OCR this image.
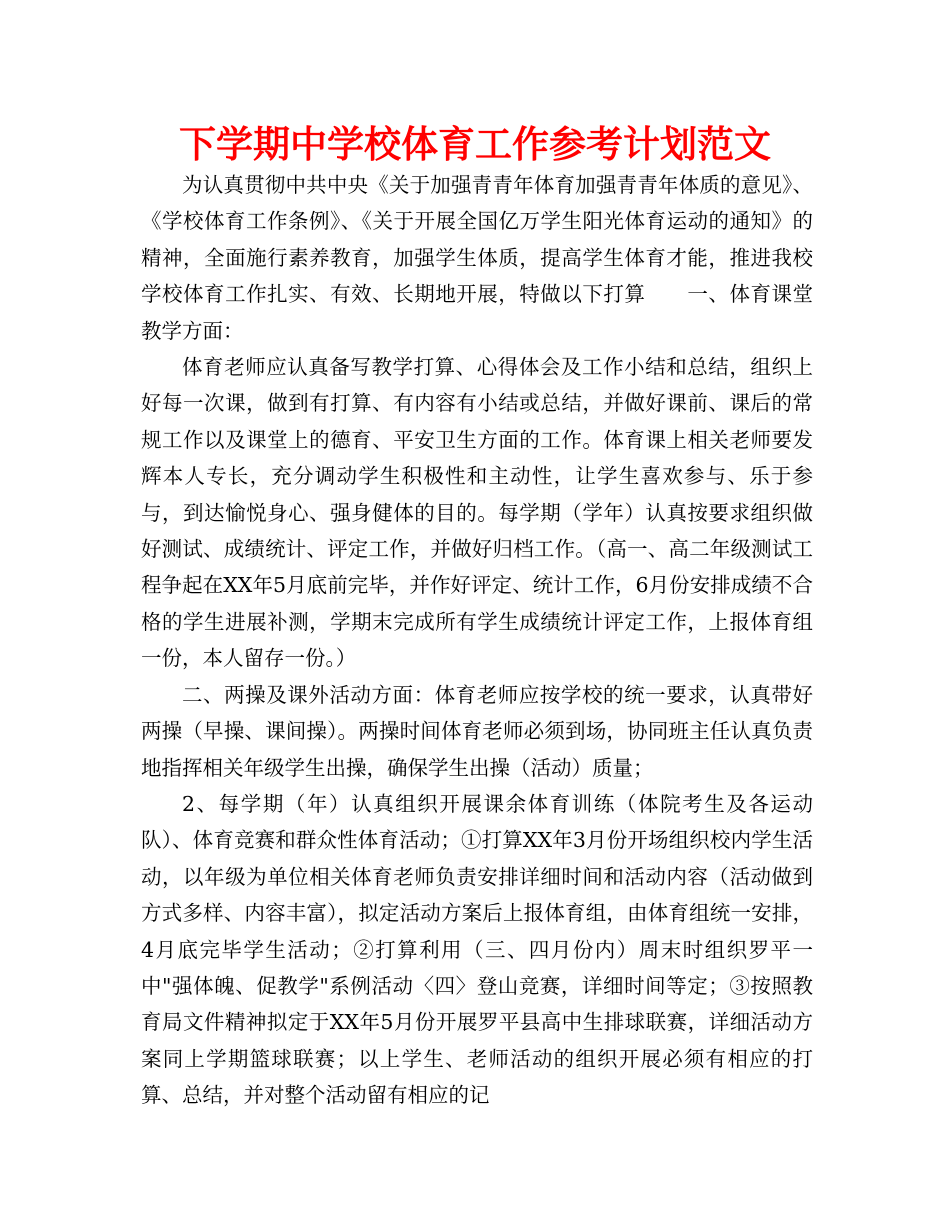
下学期中学校体育工作参考计划范文

为认真贯彻中共中央《关于加强青青年体育加强青青年体质的意见》、《学校体育工作条例》、《关于开展全国亿万学生阳光体育运动的通知》的精神，全面施行素养教育，加强学生体质，提高学生体育才能，推进我校学校体育工作扎实、有效、长期地开展，特做以下打算　　一、体育课堂教学方面：

体育老师应认真备写教学打算、心得体会及工作小结和总结，组织上好每一次课，做到有打算、有内容有小结或总结，并做好课前、课后的常规工作以及课堂上的德育、平安卫生方面的工作。体育课上相关老师要发辉本人专长，充分调动学生积极性和主动性，让学生喜欢参与、乐于参与，到达愉悦身心、强身健体的目的。每学期（学年）认真按要求组织做好测试、成绩统计、评定工作，并做好归档工作。（高一、高二年级测试工程争起在XX年5月底前完毕，并作好评定、统计工作，6月份安排成绩不合格的学生进展补测，学期末完成所有学生成绩统计评定工作，上报体育组一份，本人留存一份。）

二、两操及课外活动方面：体育老师应按学校的统一要求，认真带好两操（早操、课间操）。两操时间体育老师必须到场，协同班主任认真负责地指挥相关年级学生出操，确保学生出操（活动）质量；

2、每学期（年）认真组织开展课余体育训练（体院考生及各运动队）、体育竞赛和群众性体育活动；①打算XX年3月份开场组织校内学生活动，以年级为单位相关体育老师负责安排详细时间和活动内容（活动做到方式多样、内容丰富），拟定活动方案后上报体育组，由体育组统一安排，4月底完毕学生活动；②打算利用（三、四月份内）周末时组织罗平一中"强体魄、促教学"系例活动〈四〉登山竞赛，详细时间等定；③按照教育局文件精神拟定于XX年5月份开展罗平县高中生排球联赛，详细活动方案同上学期篮球联赛；以上学生、老师活动的组织开展必须有相应的打算、总结，并对整个活动留有相应的记
